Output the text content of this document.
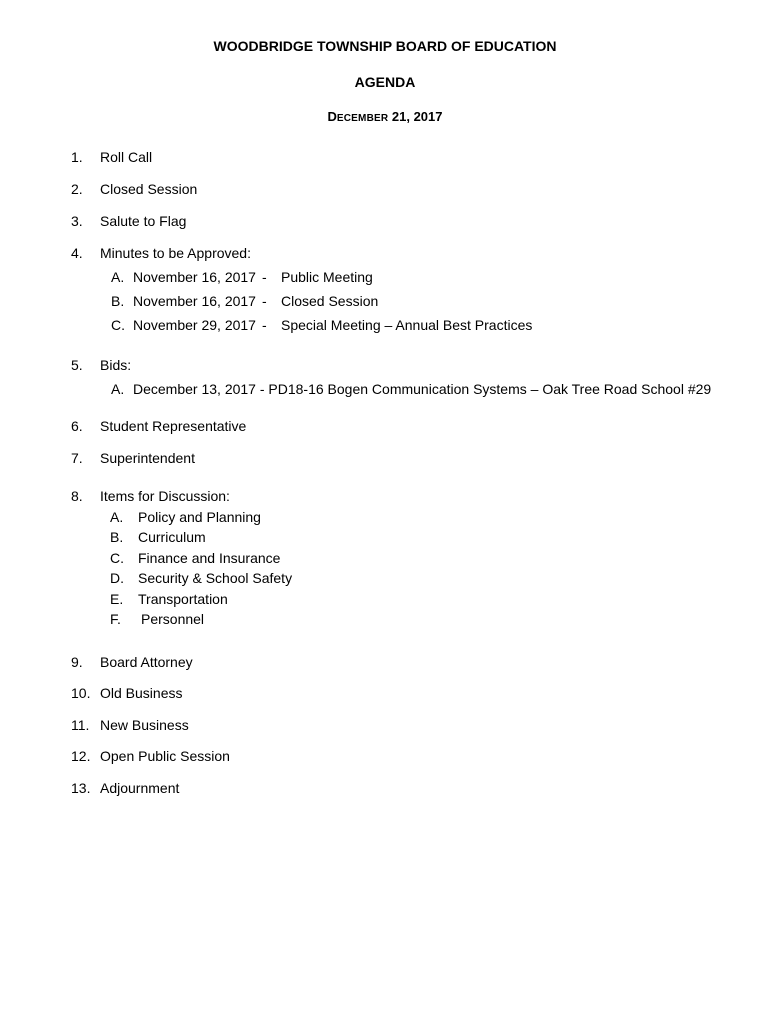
WOODBRIDGE TOWNSHIP BOARD OF EDUCATION
AGENDA
DECEMBER 21, 2017
1. Roll Call
2. Closed Session
3. Salute to Flag
4. Minutes to be Approved:
A. November 16, 2017 - Public Meeting
B. November 16, 2017 - Closed Session
C. November 29, 2017 - Special Meeting – Annual Best Practices
5. Bids:
A. December 13, 2017 - PD18-16 Bogen Communication Systems – Oak Tree Road School #29
6. Student Representative
7. Superintendent
8. Items for Discussion:
A. Policy and Planning
B. Curriculum
C. Finance and Insurance
D. Security & School Safety
E. Transportation
F. Personnel
9. Board Attorney
10. Old Business
11. New Business
12. Open Public Session
13. Adjournment
